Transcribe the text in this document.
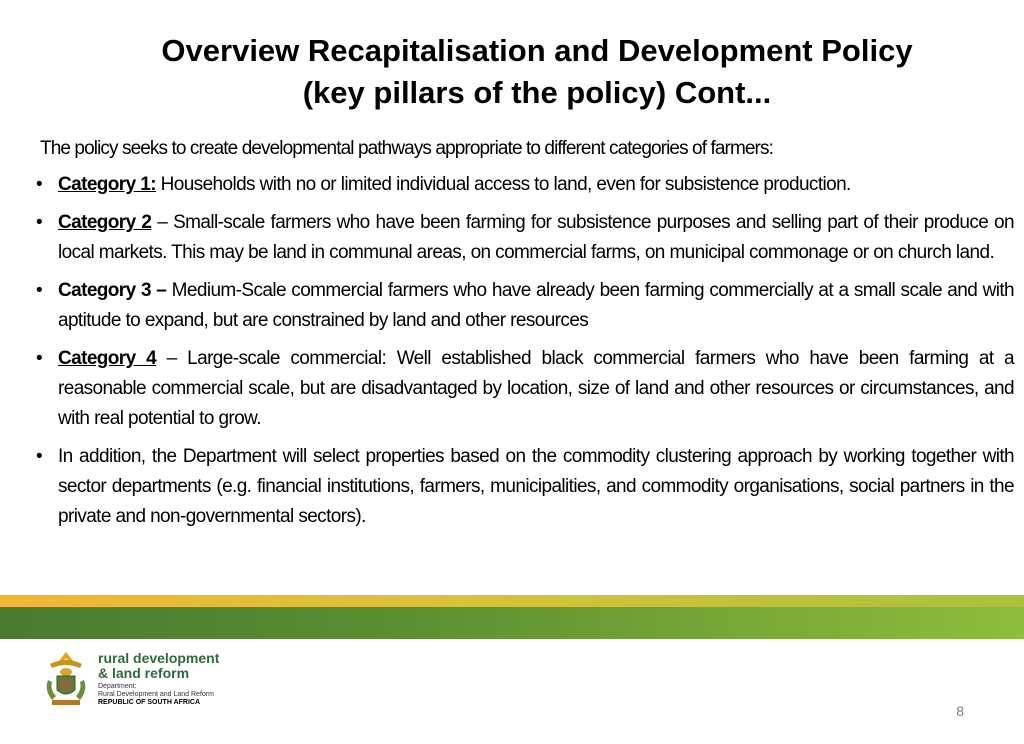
Overview Recapitalisation and Development Policy
(key pillars of the policy) Cont...
The policy seeks to create developmental pathways appropriate to different categories of farmers:
• Category 1: Households with no or limited individual access to land, even for subsistence production.
• Category 2 – Small-scale farmers who have been farming for subsistence purposes and selling part of their produce on local markets. This may be land in communal areas, on commercial farms, on municipal commonage or on church land.
• Category 3 – Medium-Scale commercial farmers who have already been farming commercially at a small scale and with aptitude to expand, but are constrained by land and other resources
• Category 4 – Large-scale commercial: Well established black commercial farmers who have been farming at a reasonable commercial scale, but are disadvantaged by location, size of land and other resources or circumstances, and with real potential to grow.
• In addition, the Department will select properties based on the commodity clustering approach by working together with sector departments (e.g. financial institutions, farmers, municipalities, and commodity organisations, social partners in the private and non-governmental sectors).
rural development
& land reform
Department:
Rural Development and Land Reform
REPUBLIC OF SOUTH AFRICA
8
